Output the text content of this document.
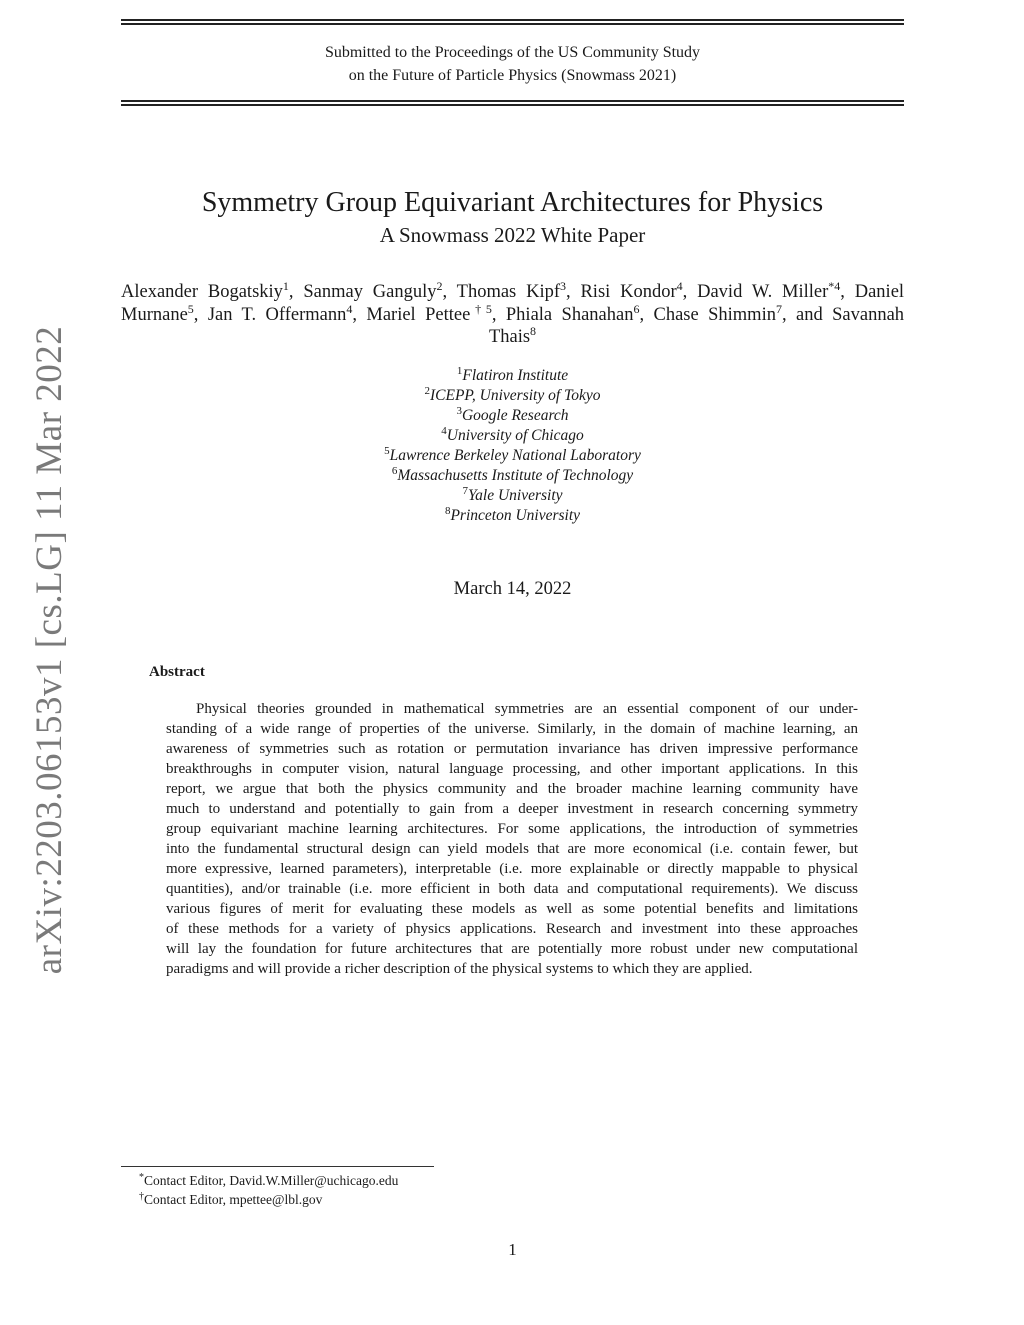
Submitted to the Proceedings of the US Community Study
on the Future of Particle Physics (Snowmass 2021)
Symmetry Group Equivariant Architectures for Physics
A Snowmass 2022 White Paper
Alexander Bogatskiy$^1$, Sanmay Ganguly$^2$, Thomas Kipf$^3$, Risi Kondor$^4$, David W. Miller$^{*4}$, Daniel
Murnane$^5$, Jan T. Offermann$^4$, Mariel Pettee$^{\dagger 5}$, Phiala Shanahan$^6$, Chase Shimmin$^7$, and Savannah
Thais$^8$
$^1$Flatiron Institute
$^2$ICEPP, University of Tokyo
$^3$Google Research
$^4$University of Chicago
$^5$Lawrence Berkeley National Laboratory
$^6$Massachusetts Institute of Technology
$^7$Yale University
$^8$Princeton University
March 14, 2022
Abstract
Physical theories grounded in mathematical symmetries are an essential component of our under-
standing of a wide range of properties of the universe. Similarly, in the domain of machine learning, an
awareness of symmetries such as rotation or permutation invariance has driven impressive performance
breakthroughs in computer vision, natural language processing, and other important applications. In this
report, we argue that both the physics community and the broader machine learning community have
much to understand and potentially to gain from a deeper investment in research concerning symmetry
group equivariant machine learning architectures. For some applications, the introduction of symmetries
into the fundamental structural design can yield models that are more economical (i.e. contain fewer, but
more expressive, learned parameters), interpretable (i.e. more explainable or directly mappable to physical
quantities), and/or trainable (i.e. more efficient in both data and computational requirements). We discuss
various figures of merit for evaluating these models as well as some potential benefits and limitations
of these methods for a variety of physics applications. Research and investment into these approaches
will lay the foundation for future architectures that are potentially more robust under new computational
paradigms and will provide a richer description of the physical systems to which they are applied.
arXiv:2203.06153v1 [cs.LG] 11 Mar 2022
*Contact Editor, David.W.Miller@uchicago.edu
†Contact Editor, mpettee@lbl.gov
1
